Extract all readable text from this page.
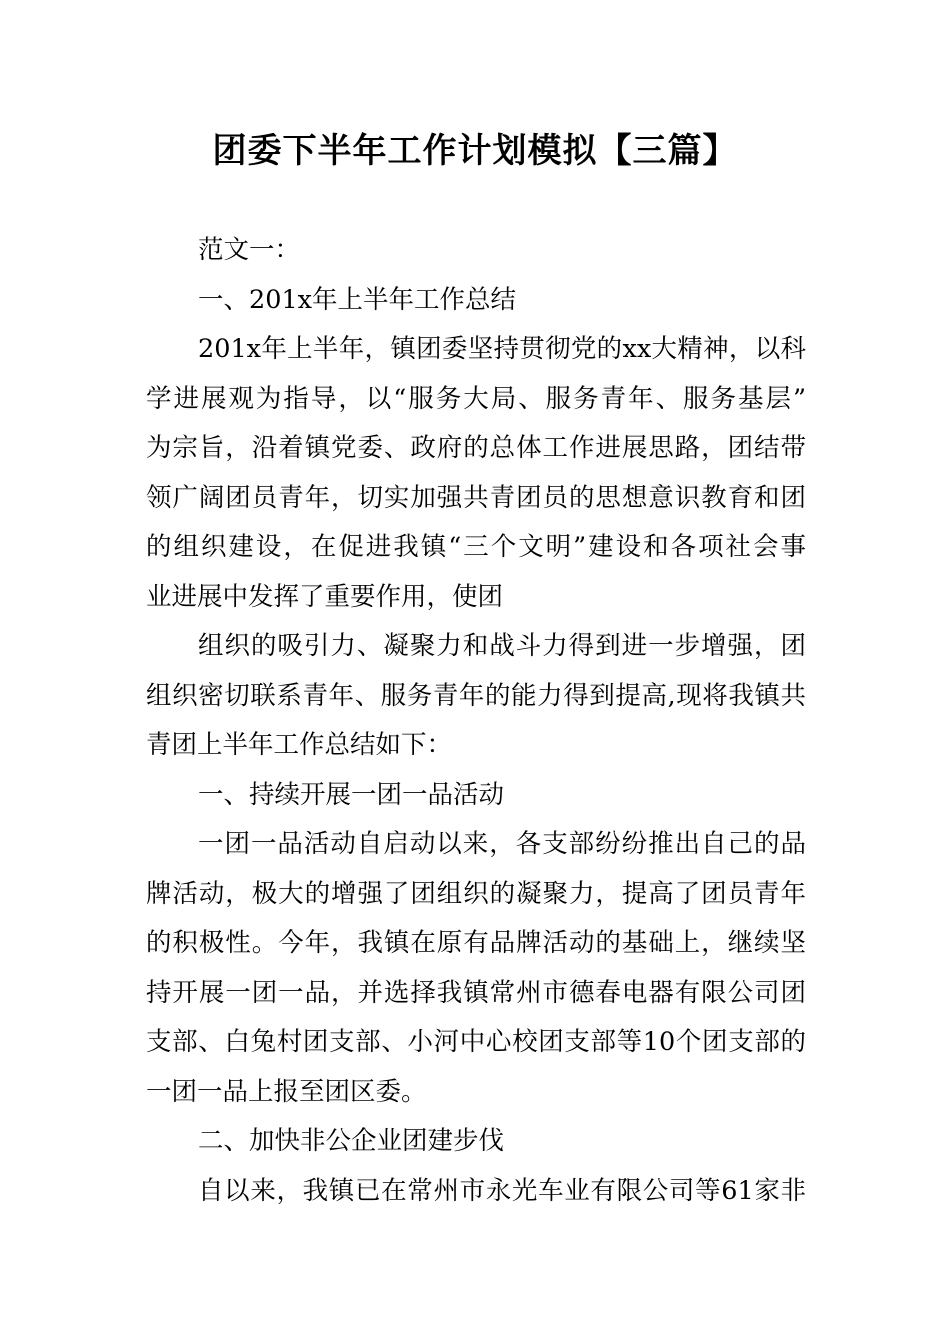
团委下半年工作计划模拟【三篇】
范文一：
一、201x年上半年工作总结
201x年上半年，镇团委坚持贯彻党的xx大精神，以科
学进展观为指导，以“服务大局、服务青年、服务基层”
为宗旨，沿着镇党委、政府的总体工作进展思路，团结带
领广阔团员青年，切实加强共青团员的思想意识教育和团
的组织建设，在促进我镇“三个文明”建设和各项社会事
业进展中发挥了重要作用，使团
组织的吸引力、凝聚力和战斗力得到进一步增强，团
组织密切联系青年、服务青年的能力得到提高,现将我镇共
青团上半年工作总结如下：
一、持续开展一团一品活动
一团一品活动自启动以来，各支部纷纷推出自己的品
牌活动，极大的增强了团组织的凝聚力，提高了团员青年
的积极性。今年，我镇在原有品牌活动的基础上，继续坚
持开展一团一品，并选择我镇常州市德春电器有限公司团
支部、白兔村团支部、小河中心校团支部等10个团支部的
一团一品上报至团区委。
二、加快非公企业团建步伐
自以来，我镇已在常州市永光车业有限公司等61家非
